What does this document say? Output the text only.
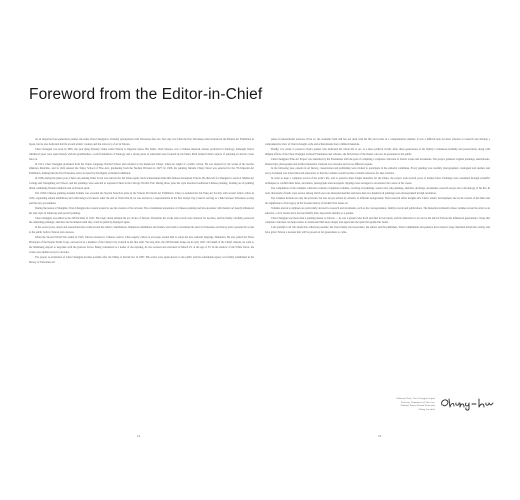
Foreword from the Editor-in-Chief

As an important four-generation painter, the name Chen Chengjun is virtually synonymous with Taiwanese fine arts. Not only was Chen the first Taiwanese artist licensed in the Empire Art Exhibition in Japan, but he also dedicated his life toward artistic creation and the advocacy of art in Taiwan.

Chen Chengjun was born in 1895, the year Qing Dynasty China ceded Taiwan to Imperial Japan. His father, Chen Shouyu, was a Chinese imperial scholar proficient in Sinology. Although Chen's childhood years were spent merely with his grandmother, a solid foundation of Sinology and a strong sense of patriotism were fostered by his father. Both formed Chen's objects of pursuing an artistic career later on.

In 1913, Chen Chengjun graduated from the Taipei Language Normal School and returned to his hometown Chiayi, where he taught at a public school. He was inspired by the works of his teacher Ishikawa Kinichiro, and in 1924 entered the Tokyo School of Fine Arts, graduating from the Normal Division in 1927. In 1926, his painting Outside Chiayi Street was selected for the 7th Imperial Art Exhibition, making him the first Taiwanese artist accepted by this highly acclaimed exhibition.

In 1928, during his junior year, Chen's oil painting Water Town was selected for the Teiten again. Such achievement made him famous throughout Taiwan. He then left for Shanghai to teach at Xinhua Art College and Changming Art School, and his paintings were selected to represent China in the Chicago World's Fair. During those years his style absorbed traditional Chinese painting, forming an oil painting idiom combining Western methods and an Eastern spirit.

The 1930s Chinese painting Autumn Temple was awarded the Special Selection prize in the Taiwan Provincial Art Exhibition. Chen co-founded the Tai-Yang Art Society with several fellow artists in 1934, organizing annual exhibitions and cultivating local talents. After the end of World War II, he was elected as a representative in the first Chiayi City Council, serving as a link between Taiwanese society and the new government.

During the tenure at Shanghai, Chen Chengjun also toured around to see the creation of his artwork. The accumulated experience of Chinese painting and his encounter with modern art deeply influenced his later style in landscape and portrait painting.

Chen Chengjun was killed in the 228 Incident of 1947. His tragic death stunned the art circles of Taiwan. Thereafter his works and records were silenced for decades, and his family carefully preserved the remaining paintings, sketches and documents until they could be publicly displayed again.

In the recent years, artists and researchers have rediscovered his artistic contributions. Numerous exhibitions and studies were held to reevaluate his place in Taiwanese art history and to present his works to the public both in Taiwan and overseas.

When the Second World War ended in 1945, Taiwan returned to Chinese control. Chen eagerly called on everyone around him to adopt the new national language. Mandarin. He also joined the Three Principles of the People Youth Corps, and served as a member of the Chiayi City Council in the first term. Yet long after, the 228 Incident broke out in early 1947. On behalf of the Chiayi citizens, he went to the Shuishang Airport to negotiate with the garrison forces. Being considered as a leader of the uprising, he was arrested and executed on March 25, at the age of 53. In the shadow of the White Terror, his works were hidden away for decades.

The proper re-evaluation of Chen Chengjun became possible after the lifting of martial law in 1987. His works were again shown to the public and his remarkable legacy was firmly established in the history of Taiwanese art.

prizes in international auctions. Even so, the academic field still has not dealt with his life and works in a comprehensive manner. It was a difficult task for most scholars to research and develop a comprehensive view of Chen's thought, style and achievements due to limited materials.

Finally, it is easier to preserve Chen's painter who dedicated his whole life to art, as a mere political victim. After three generations of his family's continuous hardship and preservation, along with diligent efforts of the Chen Chengjun Cultural Foundation and scholars, the full picture of the master can now be presented to the public.

Chen Chengjun's Fine Art Project was launched by the Foundation with the goal of compiling a complete collection of Chen's works and documents. The project gathered original paintings, sketchbooks, manuscripts, photographs and archival materials scattered over decades and across different regions.

In the following year, experts in art history, conservation and publishing were invited to participate in the editorial committee. Every painting was carefully photographed, catalogued and studied, and every document was transcribed and annotated, so that the volumes would become a reliable reference for later scholars.

In order to keep a complete record of the artist's life, and to preserve these fragile materials for the future, the project took several years of intense labor. Paintings were examined through scientific techniques to confirm their dates, and letters, photographs and newspaper clippings were arranged to reconstruct the course of his career.

The compilation of the complete collection consists of eighteen volumes, covering oil paintings, watercolors, ink paintings, sketches, drawings, documents, research essays and a chronology of his life. In total, thousands of items were sorted, among which over one thousand sketches and more than two hundred oil paintings were photographed in high resolution.

The volumes include not only the artworks, but also essays written by scholars of different backgrounds. Their research offers insights into Chen's artistic development, the social context of his times and the significance of his legacy in the broader history of modern East Asian art.

Volumes eleven to eighteen are particularly devoted to research and documents, such as his correspondence, family records and publications. The materials included in these volumes reveal the artist as an educator, a civic leader and a devoted family man, beyond his identity as a painter.

Chen Chengjun was more than a painting master to Taiwan — he was a pioneer who lived and died for his ideals, and his dedication to art and to the land of Taiwan has influenced generations. I hope this complete collection can help readers to understand him more deeply and appreciate the spirit that guided his brush.

I am grateful to all who made this collection possible: the Chen family, the researchers, the editors and the publishers. Their commitment and patience have turned a long-cherished dream into reality, and have given Taiwan a treasure that will be passed on for generations to come.

Editor-in-Chief, Chen Chengjun Corpus
Professor, Department of Fine Arts,
National Taiwan Normal University
Chiang Jen-chieh
14	15
